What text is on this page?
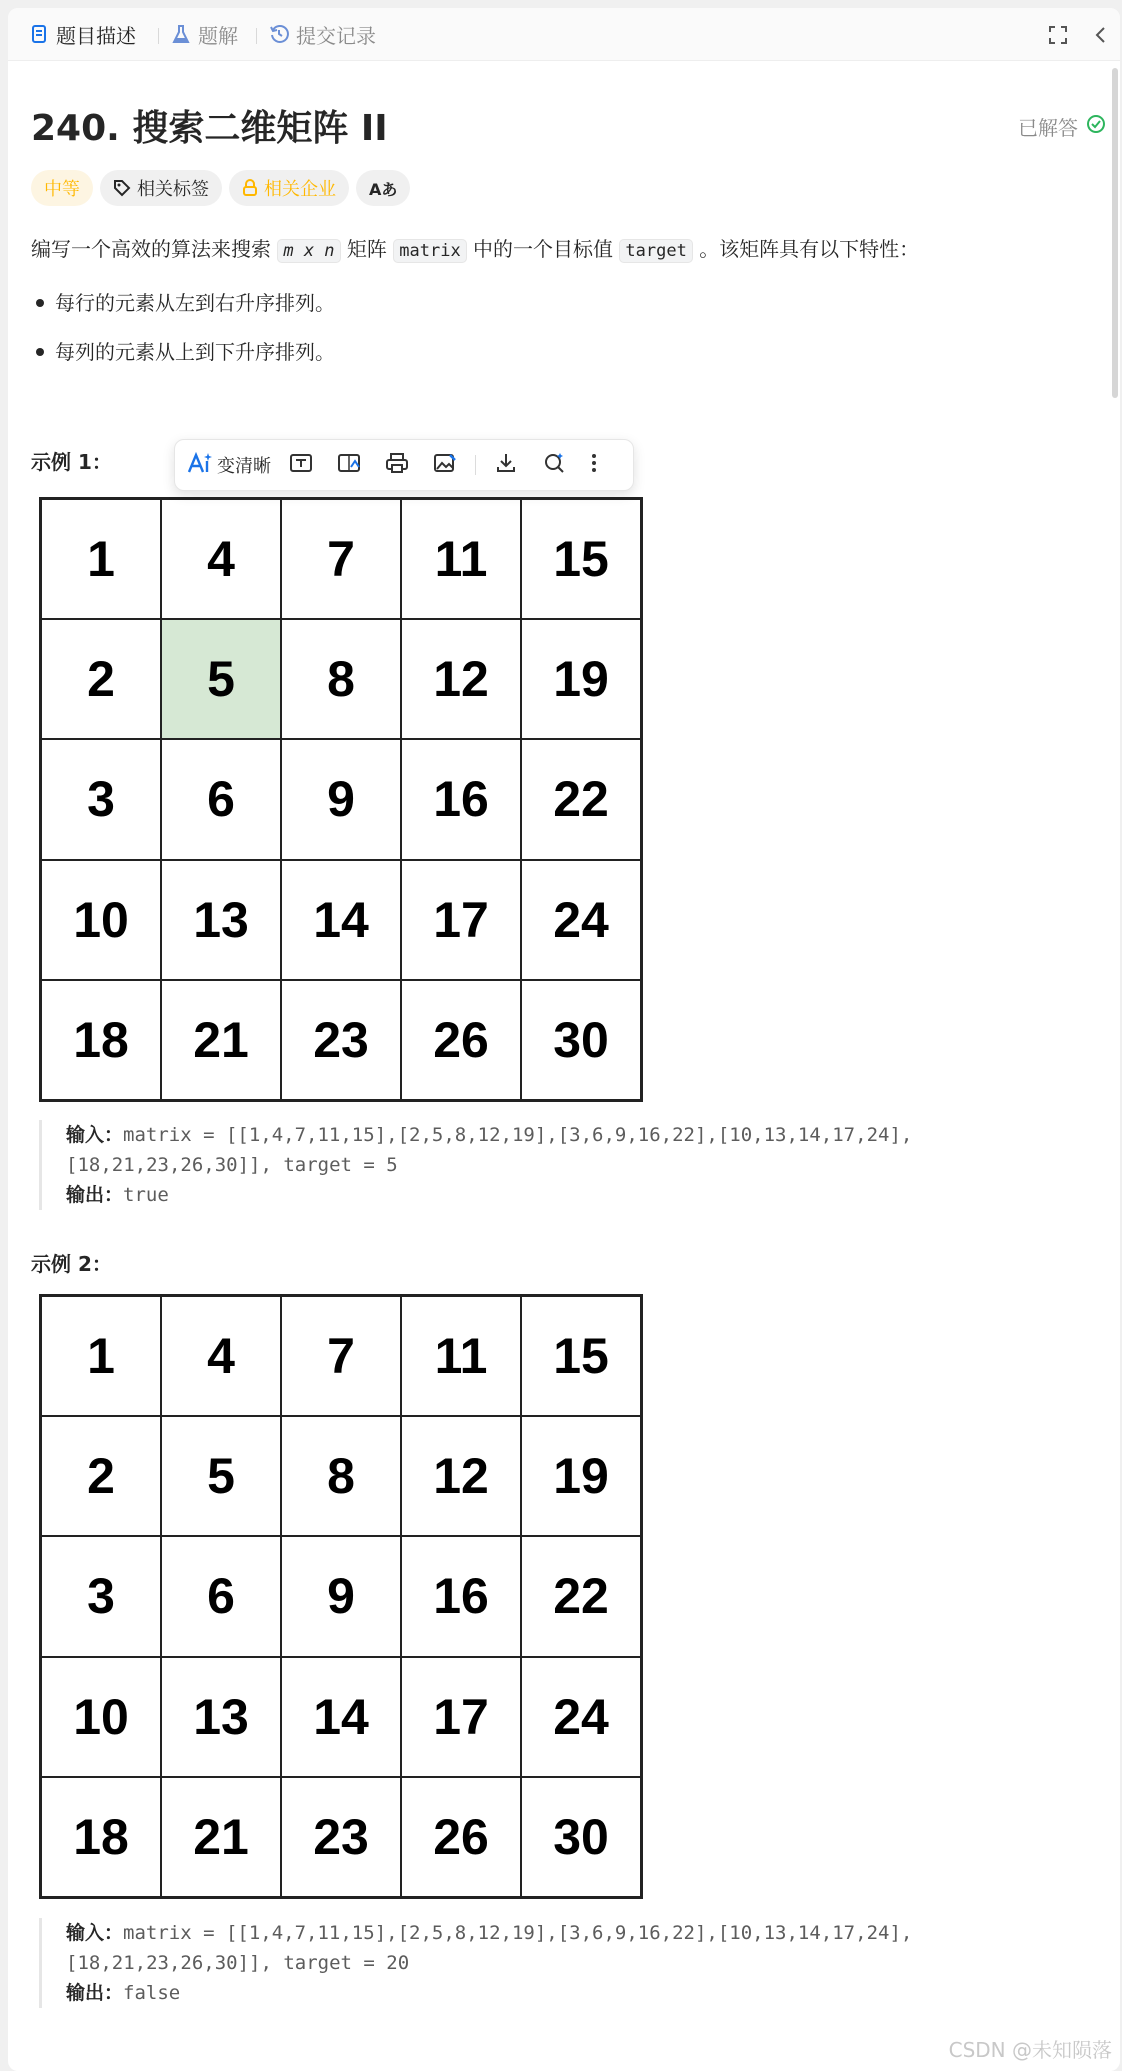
题目描述	题解	提交记录
240. 搜索二维矩阵 II	已解答
中等	相关标签	相关企业 Aあ
编写一个高效的算法来搜索 m x n 矩阵 matrix 中的一个目标值 target 。该矩阵具有以下特性：
每行的元素从左到右升序排列。
每列的元素从上到下升序排列。
示例 1：	变清晰
1	4	7	11	15
2	5	8	12	19
3	6	9	16	22
10	13	14	17	24
18	21	23	26	30
输入：matrix = [[1,4,7,11,15],[2,5,8,12,19],[3,6,9,16,22],[10,13,14,17,24],
[18,21,23,26,30]], target = 5
输出：true
示例 2：
1	4	7	11	15
2	5	8	12	19
3	6	9	16	22
10	13	14	17	24
18	21	23	26	30
输入：matrix = [[1,4,7,11,15],[2,5,8,12,19],[3,6,9,16,22],[10,13,14,17,24],
[18,21,23,26,30]], target = 20
输出：false
CSDN @未知陨落
